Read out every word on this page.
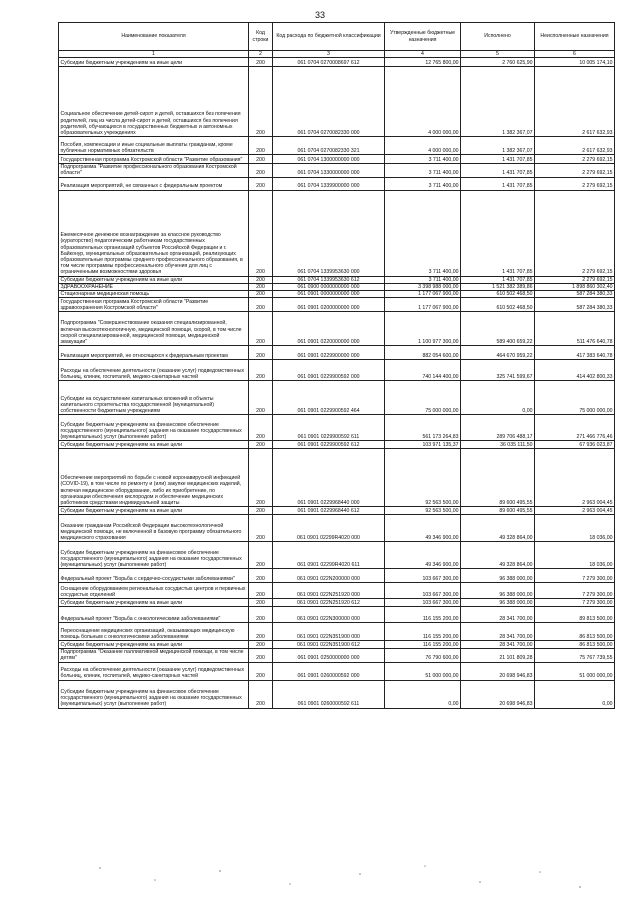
33
Наименование показателя	Код строки	Код расхода по бюджетной классификации	Утвержденные бюджетные назначения	Исполнено	Неисполненные назначения
1	2	3	4	5	6
Субсидии бюджетным учреждениям на иные цели	200	061 0704 0270008697 612	12 765 800,00	2 760 625,90	10 005 174,10
Социальное обеспечение детей-сирот и детей, оставшихся без попечения родителей, лиц из числа детей-сирот и детей, оставшихся без попечения родителей, обучающихся в государственных бюджетных и автономных образовательных учреждениях	200	061 0704 0270082330 000	4 000 000,00	1 382 367,07	2 617 632,93
Пособия, компенсации и иные социальные выплаты гражданам, кроме публичных нормативных обязательств	200	061 0704 0270082330 321	4 000 000,00	1 382 367,07	2 617 632,93
Государственная программа Костромской области "Развитие образования"	200	061 0704 1300000000 000	3 711 400,00	1 431 707,85	2 279 692,15
Подпрограмма "Развитие профессионального образования Костромской области"	200	061 0704 1330000000 000	3 711 400,00	1 431 707,85	2 279 692,15
Реализация мероприятий, не связанных с федеральным проектом	200	061 0704 1339900000 000	3 711 400,00	1 431 707,85	2 279 692,15
Ежемесячное денежное вознаграждение за классное руководство (кураторство) педагогическим работникам государственных образовательных организаций субъектов Российской Федерации и г. Байконур, муниципальных образовательных организаций, реализующих образовательные программы среднего профессионального образования, в том числе программы профессионального обучения для лиц с ограниченными возможностями здоровья	200	061 0704 1339953630 000	3 711 400,00	1 431 707,85	2 279 692,15
Субсидии бюджетным учреждениям на иные цели	200	061 0704 1339953630 612	3 711 400,00	1 431 707,85	2 279 692,15
ЗДРАВООХРАНЕНИЕ	200	061 0900 0000000000 000	3 398 988 000,00	1 521 382 389,86	1 898 860 302,40
Стационарная медицинская помощь	200	061 0901 0000000000 000	1 177 067 900,00	610 502 468,50	587 284 380,33
Государственная программа Костромской области "Развитие здравоохранения Костромской области"	200	061 0901 0200000000 000	1 177 067 900,00	610 502 468,50	587 284 380,33
Подпрограмма "Совершенствование оказания специализированной, включая высокотехнологичную, медицинской помощи, скорой, в том числе скорой специализированной, медицинской помощи, медицинской эвакуации"	200	061 0901 0220000000 000	1 100 977 300,00	589 400 659,22	511 476 640,78
Реализация мероприятий, не относящихся к федеральным проектам	200	061 0901 0229900000 000	882 054 600,00	464 670 959,22	417 383 640,78
Расходы на обеспечение деятельности (оказание услуг) подведомственных больниц, клиник, госпиталей, медико-санитарных частей	200	061 0901 0229900592 000	740 144 400,00	325 741 599,67	414 402 800,33
Субсидии на осуществление капитальных вложений в объекты капитального строительства государственной (муниципальной) собственности бюджетным учреждениям	200	061 0901 0229900592 464	75 000 000,00	0,00	75 000 000,00
Субсидии бюджетным учреждениям на финансовое обеспечение государственного (муниципального) задания на оказание государственных (муниципальных) услуг (выполнение работ)	200	061 0901 0229900592 611	561 173 264,83	289 706 488,17	271 466 776,46
Субсидии бюджетным учреждениям на иные цели	200	061 0901 0229900592 612	103 971 135,37	36 035 111,50	67 936 023,87
Обеспечение мероприятий по борьбе с новой коронавирусной инфекцией (COVID-19), в том числе по ремонту и (или) закупке медицинских изделий, включая медицинское оборудование, либо их приобретение, по организации обеспечения кислородом и обеспечение медицинских работников средствами индивидуальной защиты	200	061 0901 0229968440 000	92 563 500,00	89 600 495,55	2 963 004,45
Субсидии бюджетным учреждениям на иные цели	200	061 0901 0229968440 612	92 563 500,00	89 600 495,55	2 963 004,45
Оказание гражданам Российской Федерации высокотехнологичной медицинской помощи, не включенной в базовую программу обязательного медицинского страхования	200	061 0901 02299R4020 000	49 346 900,00	49 328 864,00	18 036,00
Субсидии бюджетным учреждениям на финансовое обеспечение государственного (муниципального) задания на оказание государственных (муниципальных) услуг (выполнение работ)	200	061 0901 02299R4020 611	49 346 900,00	49 328 864,00	18 036,00
Федеральный проект "Борьба с сердечно-сосудистыми заболеваниями"	200	061 0901 022N200000 000	103 667 300,00	96 388 000,00	7 279 300,00
Оснащение оборудованием региональных сосудистых центров и первичных сосудистых отделений	200	061 0901 022N251920 000	103 667 300,00	96 388 000,00	7 279 300,00
Субсидии бюджетным учреждениям на иные цели	200	061 0901 022N251920 612	103 667 300,00	96 388 000,00	7 279 300,00
Федеральный проект "Борьба с онкологическими заболеваниями"	200	061 0901 022N300000 000	116 155 200,00	28 341 700,00	89 813 500,00
Переоснащение медицинских организаций, оказывающих медицинскую помощь больным с онкологическими заболеваниями	200	061 0901 022N351900 000	116 155 200,00	28 341 700,00	86 813 500,00
Субсидии бюджетным учреждениям на иные цели	200	061 0901 022N351900 612	116 155 200,00	28 341 700,00	86 813 500,00
Подпрограмма "Оказание паллиативной медицинской помощи, в том числе детям"	200	061 0901 0250000000 000	76 790 600,00	21 101 809,28	75 767 739,55
Расходы на обеспечение деятельности (оказание услуг) подведомственных больниц, клиник, госпиталей, медико-санитарных частей	200	061 0901 0260000592 000	51 000 000,00	20 698 946,83	51 000 000,00
Субсидии бюджетным учреждениям на финансовое обеспечение государственного (муниципального) задания на оказание государственных (муниципальных) услуг (выполнение работ)	200	061 0901 0260000592 611	0,00	20 698 946,83	0,00
